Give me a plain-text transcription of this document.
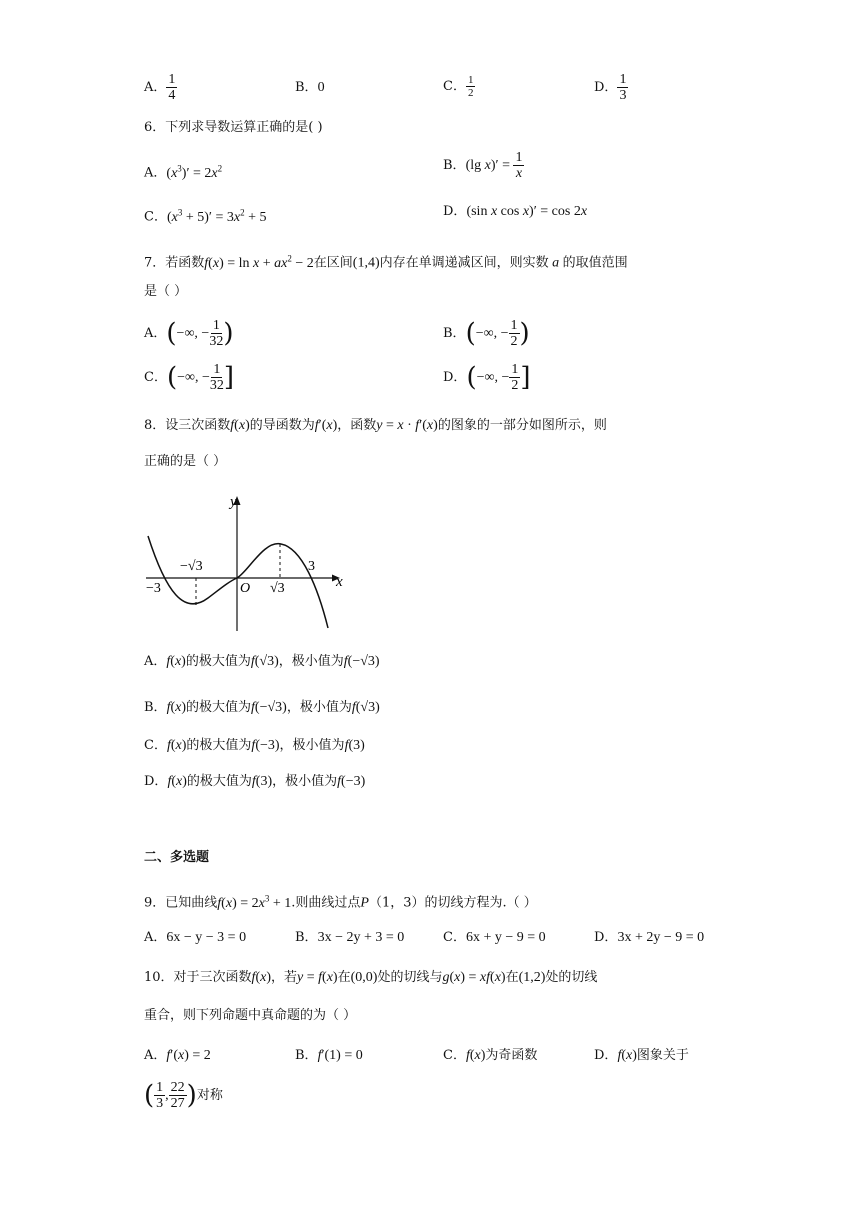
A． $\frac{1}{4}$	B．0	C． $\frac{1}{2}$	D． $\frac{1}{3}$
6．下列求导数运算正确的是( )
A．$(x^3)' = 2x^2$	B．(lg $x)' = \frac{1}{x}$
C．$(x^3 + 5)' = 3x^2 + 5$	D．(sin x cos x)′ = cos 2x
7．若函数$f(x) = \ln x + ax^2 - 2$在区间(1,4)内存在单调递减区间，则实数 a 的取值范围
是（ ）
A．(−∞, − $\frac{1}{32}$ )	B．(−∞, − $\frac{1}{2}$ )
C．(−∞, − $\frac{1}{32}$ ]	D．(−∞, − $\frac{1}{2}$ ]
8．设三次函数f(x)的导函数为f′(x)，函数y = x · f′(x)的图象的一部分如图所示，则
正确的是（ ）
y
x
O
−3
3
−√3
√3
A．f(x)的极大值为f(√3)，极小值为f(−√3)
B．f(x)的极大值为f(−√3)，极小值为f(√3)
C．f(x)的极大值为f(−3)，极小值为f(3)
D．f(x)的极大值为f(3)，极小值为f(−3)
二、多选题
9．已知曲线$f(x) = 2x^3 + 1$.则曲线过点P（1，3）的切线方程为.（ ）
A．6x − y − 3 = 0	B．3x − 2y + 3 = 0	C．6x + y − 9 = 0	D．3x + 2y − 9 = 0
10．对于三次函数f(x)，若y = f(x)在(0,0)处的切线与g(x) = xf(x)在(1,2)处的切线
重合，则下列命题中真命题的为（ ）
A．f′(x) = 2	B．f′(1) = 0	C．f(x)为奇函数	D．f(x)图象关于
( $\frac{1}{3}$ , $\frac{22}{27}$ )对称
